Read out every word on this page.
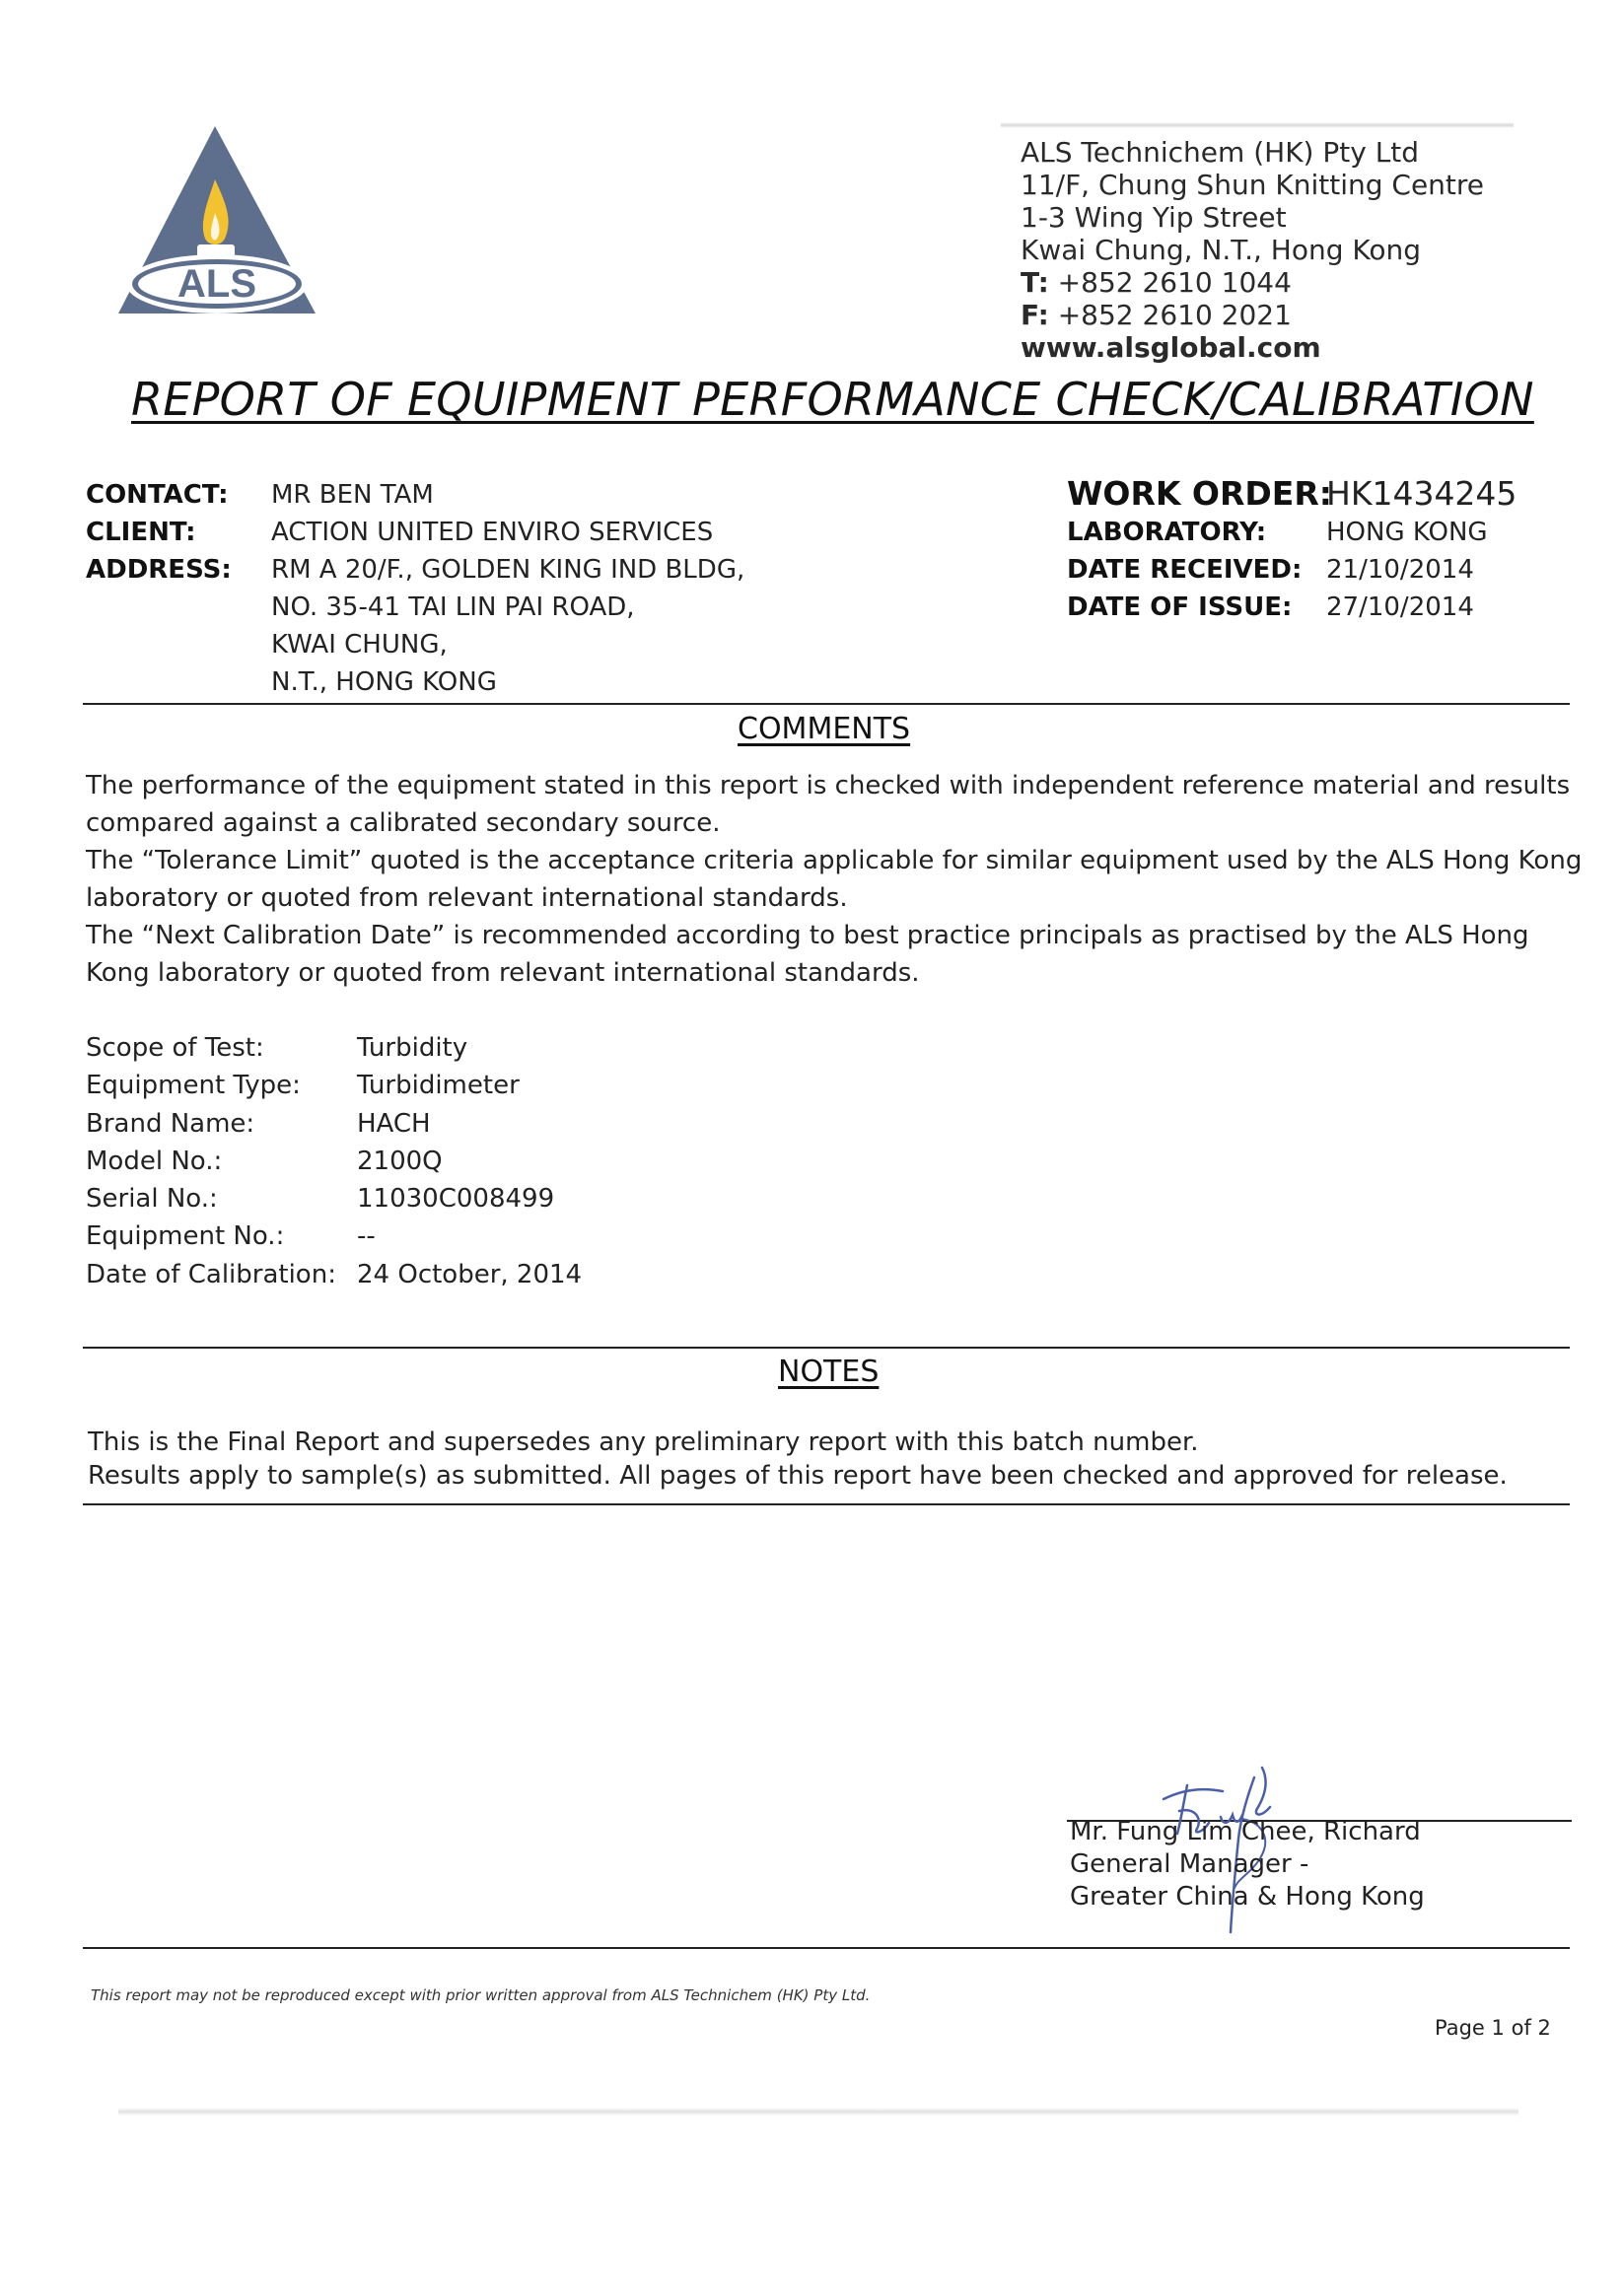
ALS
ALS Technichem (HK) Pty Ltd
11/F, Chung Shun Knitting Centre
1-3 Wing Yip Street
Kwai Chung, N.T., Hong Kong
T: +852 2610 1044
F: +852 2610 2021
www.alsglobal.com
REPORT OF EQUIPMENT PERFORMANCE CHECK/CALIBRATION
CONTACT:
CLIENT:
ADDRESS:
MR BEN TAM
ACTION UNITED ENVIRO SERVICES
RM A 20/F., GOLDEN KING IND BLDG,
NO. 35-41 TAI LIN PAI ROAD,
KWAI CHUNG,
N.T., HONG KONG
WORK ORDER:
HK1434245
LABORATORY: HONG KONG
DATE RECEIVED: 21/10/2014
DATE OF ISSUE: 27/10/2014
COMMENTS

The performance of the equipment stated in this report is checked with independent reference material and results compared against a calibrated secondary source.

The “Tolerance Limit” quoted is the acceptance criteria applicable for similar equipment used by the ALS Hong Kong laboratory or quoted from relevant international standards.

The “Next Calibration Date” is recommended according to best practice principals as practised by the ALS Hong Kong laboratory or quoted from relevant international standards.

Scope of Test:
Equipment Type:
Brand Name:
Model No.:
Serial No.:
Equipment No.:
Date of Calibration:
Turbidity
Turbidimeter
HACH
2100Q
11030C008499
--
24 October, 2014
NOTES

This is the Final Report and supersedes any preliminary report with this batch number.

Results apply to sample(s) as submitted. All pages of this report have been checked and approved for release.

Mr. Fung Lim Chee, Richard
General Manager -
Greater China & Hong Kong
This report may not be reproduced except with prior written approval from ALS Technichem (HK) Pty Ltd.
Page 1 of 2
